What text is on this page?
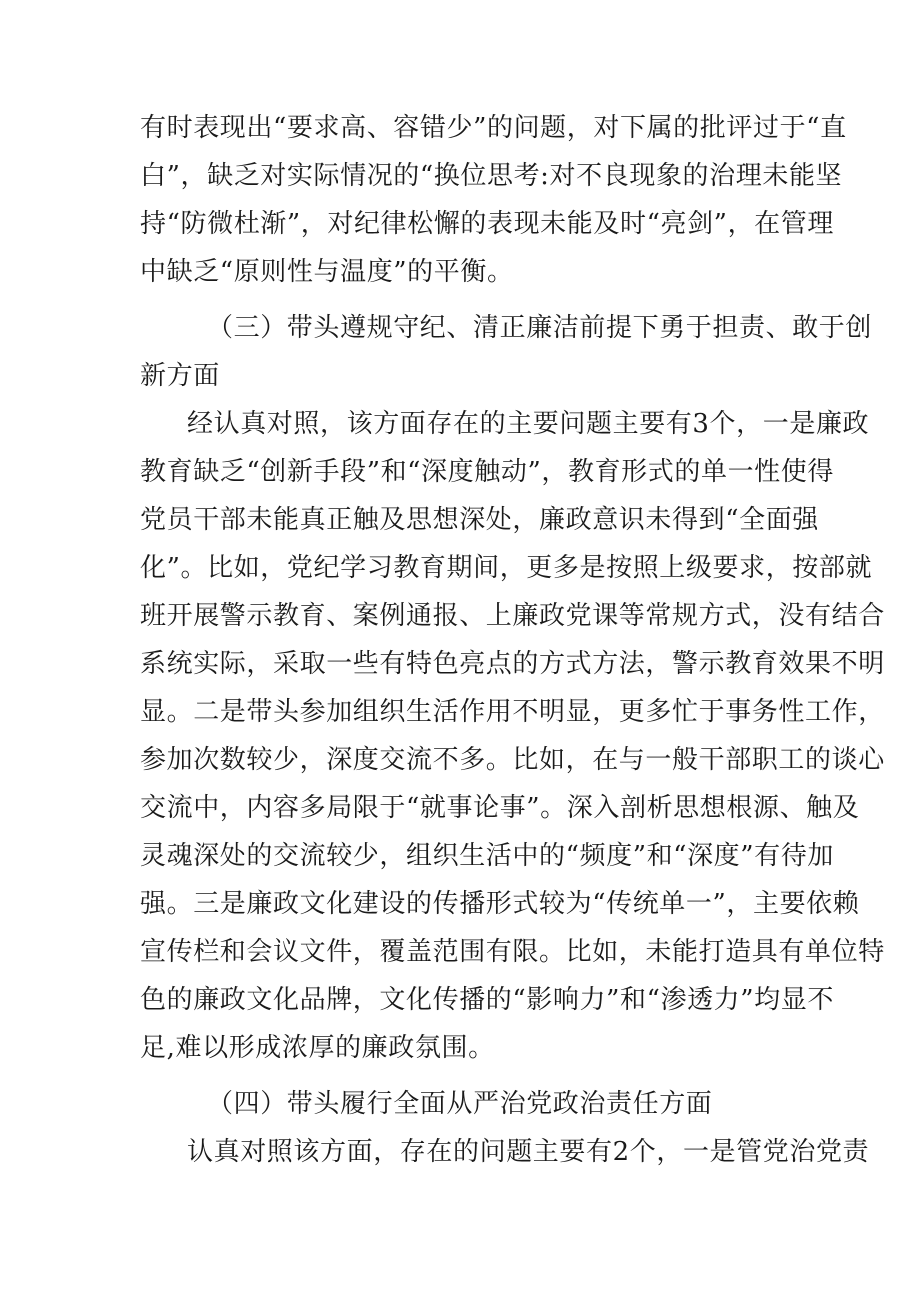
有时表现出“要求高、容错少”的问题，对下属的批评过于“直

白”，缺乏对实际情况的“换位思考:对不良现象的治理未能坚

持“防微杜渐”，对纪律松懈的表现未能及时“亮剑”，在管理

中缺乏“原则性与温度”的平衡。

（三）带头遵规守纪、清正廉洁前提下勇于担责、敢于创

新方面

经认真对照，该方面存在的主要问题主要有3个，一是廉政

教育缺乏“创新手段”和“深度触动”，教育形式的单一性使得

党员干部未能真正触及思想深处，廉政意识未得到“全面强

化”。比如，党纪学习教育期间，更多是按照上级要求，按部就

班开展警示教育、案例通报、上廉政党课等常规方式，没有结合

系统实际，采取一些有特色亮点的方式方法，警示教育效果不明

显。二是带头参加组织生活作用不明显，更多忙于事务性工作，

参加次数较少，深度交流不多。比如，在与一般干部职工的谈心

交流中，内容多局限于“就事论事”。深入剖析思想根源、触及

灵魂深处的交流较少，组织生活中的“频度”和“深度”有待加

强。三是廉政文化建设的传播形式较为“传统单一”，主要依赖

宣传栏和会议文件，覆盖范围有限。比如，未能打造具有单位特

色的廉政文化品牌，文化传播的“影响力”和“渗透力”均显不

足,难以形成浓厚的廉政氛围。

（四）带头履行全面从严治党政治责任方面

认真对照该方面，存在的问题主要有2个，一是管党治党责
